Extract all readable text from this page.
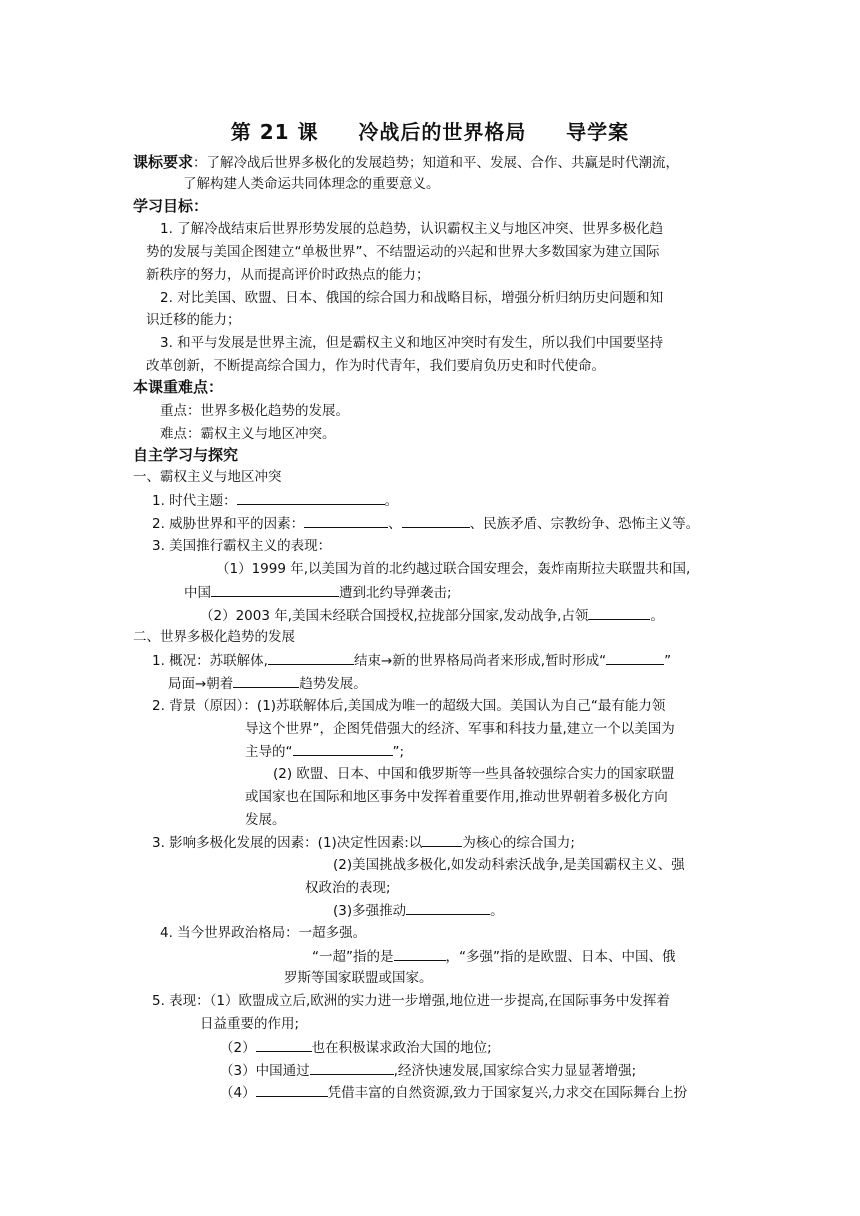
第 21 课     冷战后的世界格局     导学案
课标要求：了解冷战后世界多极化的发展趋势；知道和平、发展、合作、共赢是时代潮流，
了解构建人类命运共同体理念的重要意义。
学习目标：
1. 了解冷战结束后世界形势发展的总趋势，认识霸权主义与地区冲突、世界多极化趋
势的发展与美国企图建立“单极世界”、不结盟运动的兴起和世界大多数国家为建立国际
新秩序的努力，从而提高评价时政热点的能力；
2. 对比美国、欧盟、日本、俄国的综合国力和战略目标，增强分析归纳历史问题和知
识迁移的能力；
3. 和平与发展是世界主流，但是霸权主义和地区冲突时有发生，所以我们中国要坚持
改革创新，不断提高综合国力，作为时代青年，我们要肩负历史和时代使命。
本课重难点：
重点：世界多极化趋势的发展。
难点：霸权主义与地区冲突。
自主学习与探究
一、霸权主义与地区冲突
1. 时代主题：	。
2. 威胁世界和平的因素：	、	、民族矛盾、宗教纷争、恐怖主义等。
3. 美国推行霸权主义的表现：
（1）1999 年,以美国为首的北约越过联合国安理会，轰炸南斯拉夫联盟共和国,
中国	遭到北约导弹袭击;
（2）2003 年,美国未经联合国授权,拉拢部分国家,发动战争,占领	。
二、世界多极化趋势的发展
1. 概况：苏联解体,	结束→新的世界格局尚者来形成,暂时形成“	”
局面→朝着	趋势发展。
2. 背景（原因）：(1)苏联解体后,美国成为唯一的超级大国。美国认为自己“最有能力领
导这个世界”，企图凭借强大的经济、军事和科技力量,建立一个以美国为
主导的“	”;
(2) 欧盟、日本、中国和俄罗斯等一些具备较强综合实力的国家联盟
或国家也在国际和地区事务中发挥着重要作用,推动世界朝着多极化方向
发展。
3. 影响多极化发展的因素：(1)决定性因素:以	为核心的综合国力;
(2)美国挑战多极化,如发动科索沃战争,是美国霸权主义、强
权政治的表现;
(3)多强推动	。
4. 当今世界政治格局：一超多强。
“一超”指的是	，“多强”指的是欧盟、日本、中国、俄
罗斯等国家联盟或国家。
5. 表现：（1）欧盟成立后,欧洲的实力进一步增强,地位进一步提高,在国际事务中发挥着
日益重要的作用;
（2）	也在积极谋求政治大国的地位;
（3）中国通过	,经济快速发展,国家综合实力显显著增强;
（4）	凭借丰富的自然资源,致力于国家复兴,力求交在国际舞台上扮
